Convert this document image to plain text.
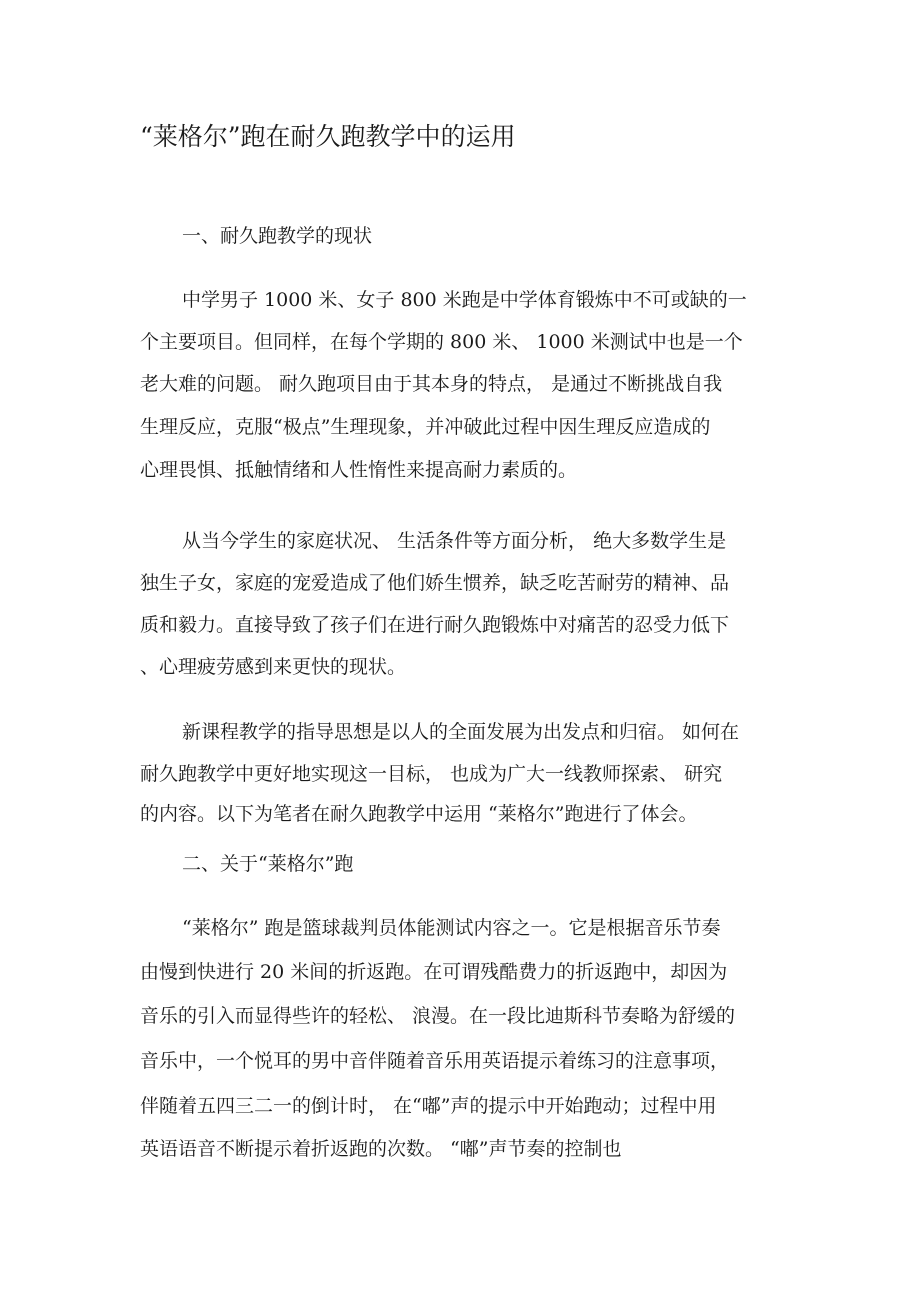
“莱格尔”跑在耐久跑教学中的运用

一、耐久跑教学的现状

中学男子 1000 米、女子 800 米跑是中学体育锻炼中不可或缺的一

个主要项目。但同样，在每个学期的 800 米、 1000 米测试中也是一个

老大难的问题。 耐久跑项目由于其本身的特点， 是通过不断挑战自我

生理反应，克服“极点”生理现象，并冲破此过程中因生理反应造成的

心理畏惧、抵触情绪和人性惰性来提高耐力素质的。

从当今学生的家庭状况、 生活条件等方面分析， 绝大多数学生是

独生子女，家庭的宠爱造成了他们娇生惯养，缺乏吃苦耐劳的精神、品

质和毅力。直接导致了孩子们在进行耐久跑锻炼中对痛苦的忍受力低下

、心理疲劳感到来更快的现状。

新课程教学的指导思想是以人的全面发展为出发点和归宿。 如何在

耐久跑教学中更好地实现这一目标， 也成为广大一线教师探索、 研究

的内容。以下为笔者在耐久跑教学中运用 “莱格尔”跑进行了体会。

二、关于“莱格尔”跑

“莱格尔” 跑是篮球裁判员体能测试内容之一。它是根据音乐节奏

由慢到快进行 20 米间的折返跑。在可谓残酷费力的折返跑中，却因为

音乐的引入而显得些许的轻松、 浪漫。在一段比迪斯科节奏略为舒缓的

音乐中，一个悦耳的男中音伴随着音乐用英语提示着练习的注意事项，

伴随着五四三二一的倒计时， 在“嘟”声的提示中开始跑动；过程中用

英语语音不断提示着折返跑的次数。 “嘟”声节奏的控制也
